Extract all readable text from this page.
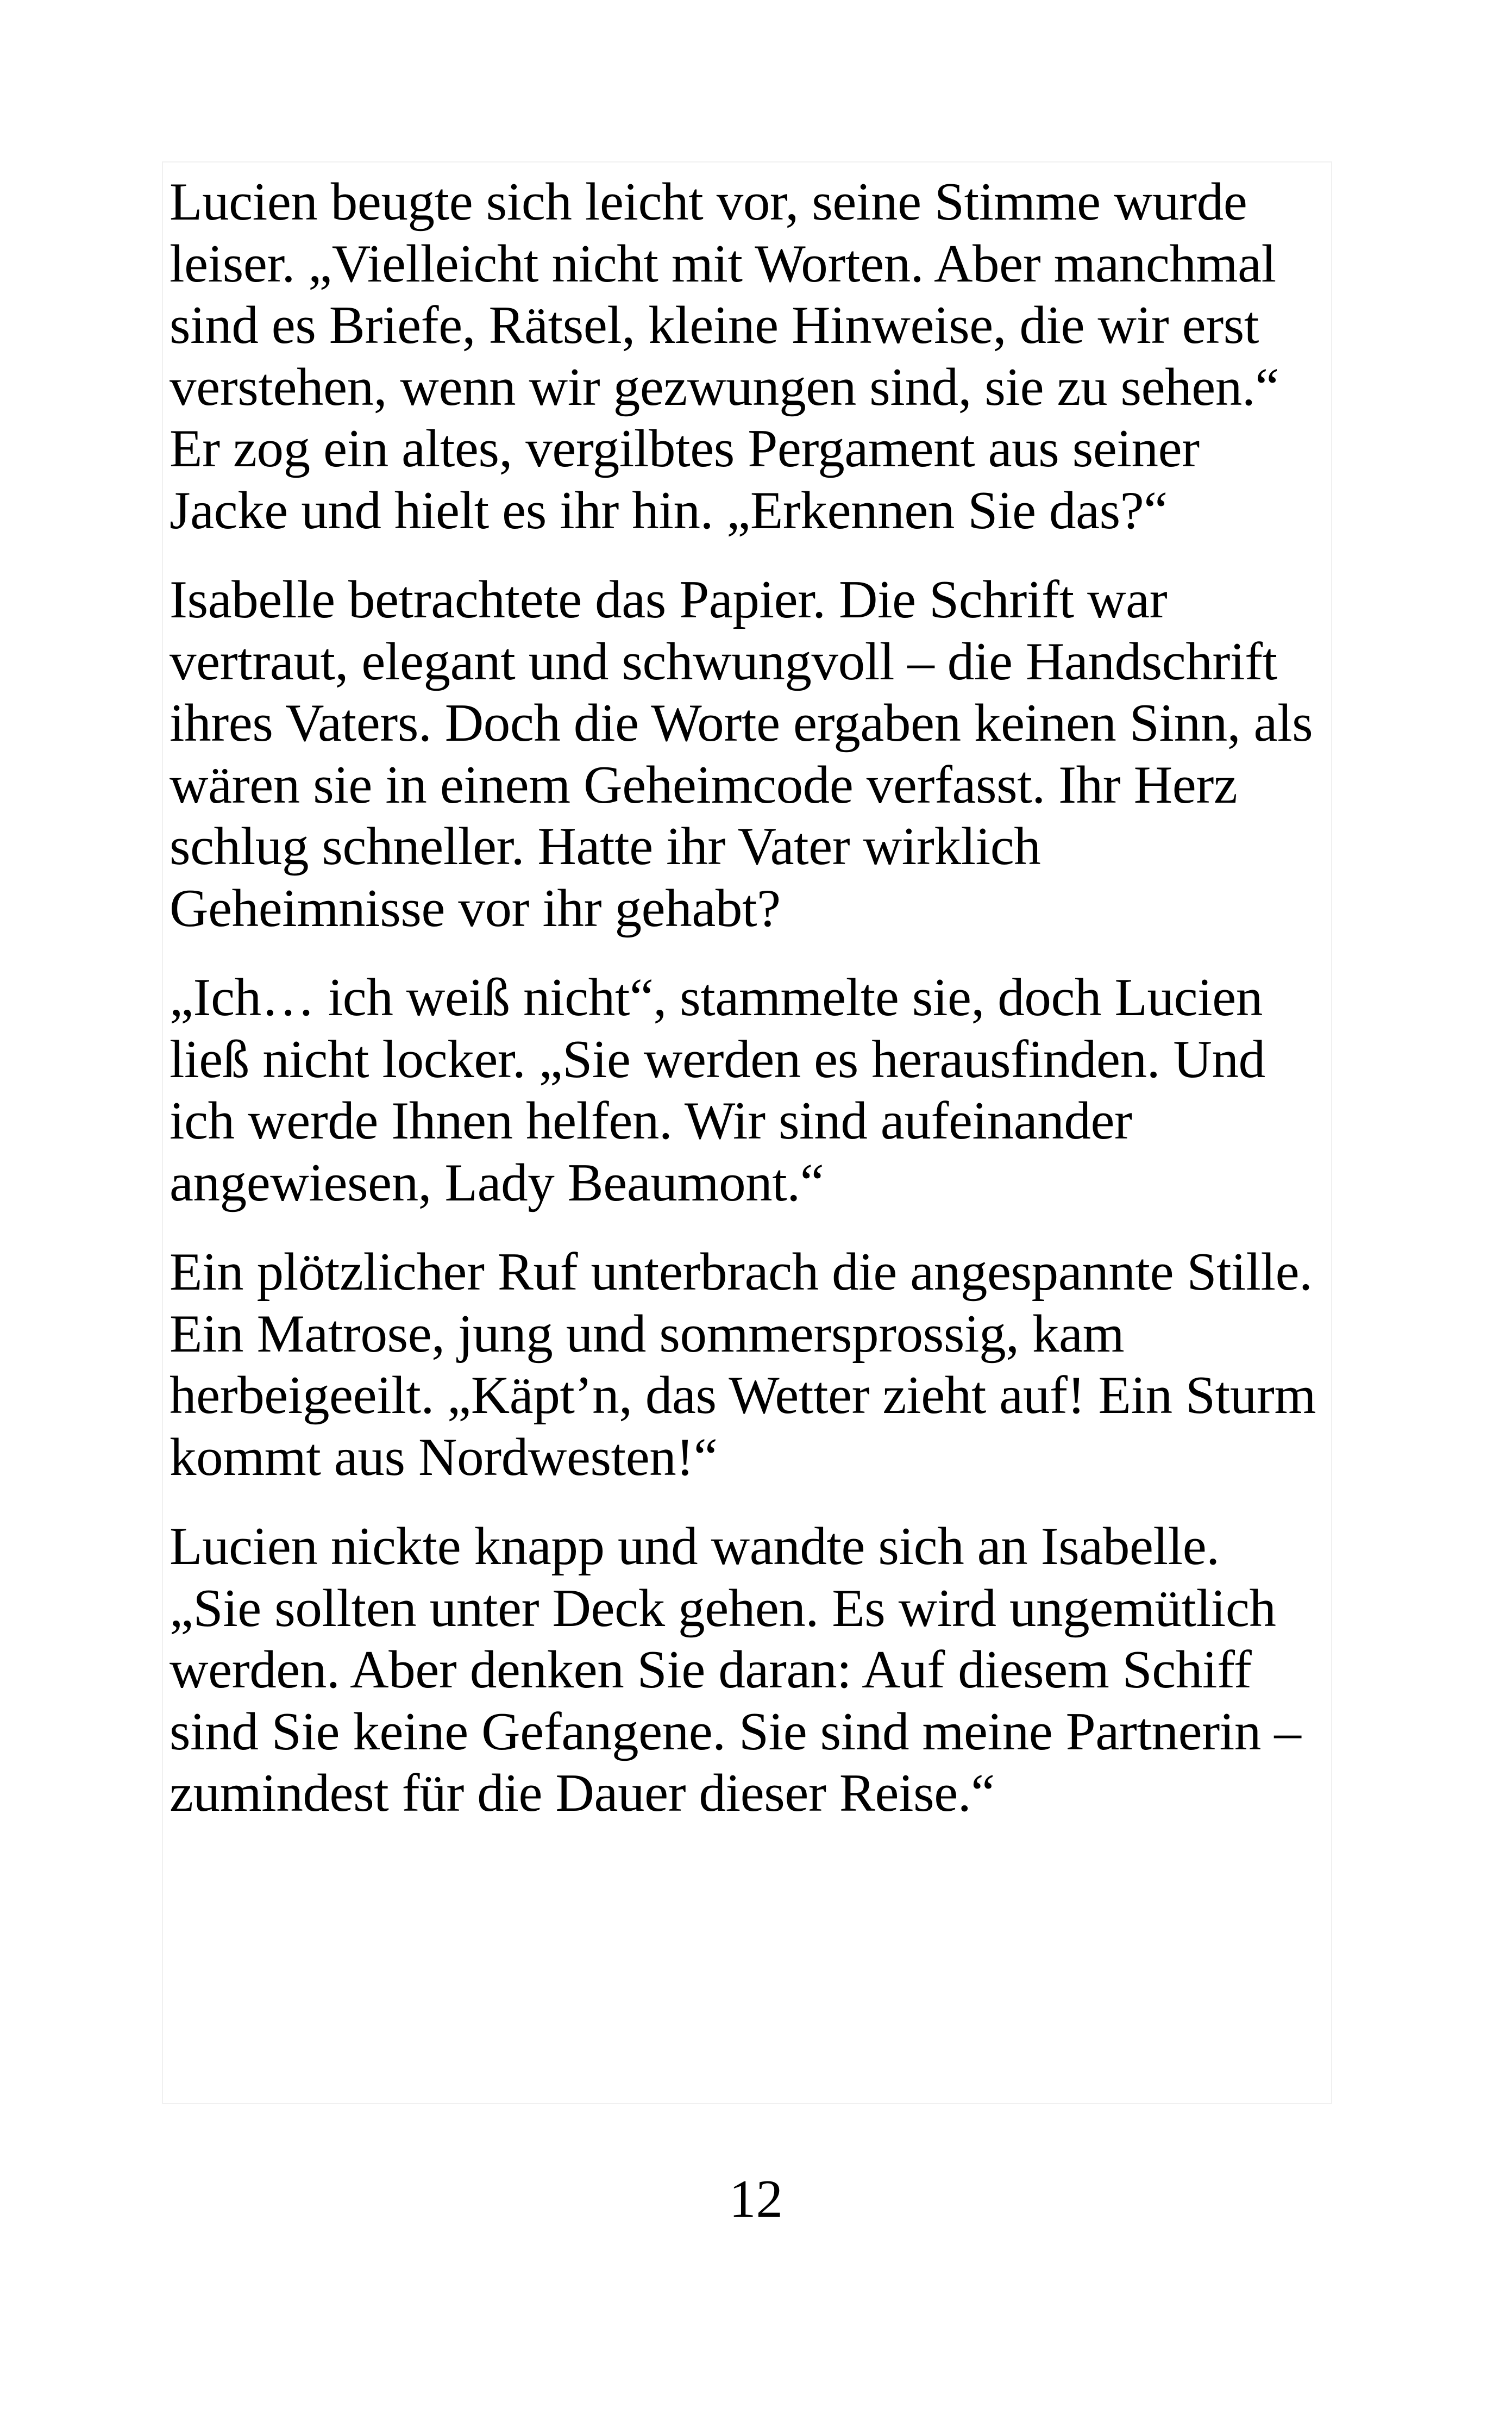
Lucien beugte sich leicht vor, seine Stimme wurde
leiser. „Vielleicht nicht mit Worten. Aber manchmal
sind es Briefe, Rätsel, kleine Hinweise, die wir erst
verstehen, wenn wir gezwungen sind, sie zu sehen.“
Er zog ein altes, vergilbtes Pergament aus seiner
Jacke und hielt es ihr hin. „Erkennen Sie das?“

Isabelle betrachtete das Papier. Die Schrift war
vertraut, elegant und schwungvoll – die Handschrift
ihres Vaters. Doch die Worte ergaben keinen Sinn, als
wären sie in einem Geheimcode verfasst. Ihr Herz
schlug schneller. Hatte ihr Vater wirklich
Geheimnisse vor ihr gehabt?

„Ich… ich weiß nicht“, stammelte sie, doch Lucien
ließ nicht locker. „Sie werden es herausfinden. Und
ich werde Ihnen helfen. Wir sind aufeinander
angewiesen, Lady Beaumont.“

Ein plötzlicher Ruf unterbrach die angespannte Stille.
Ein Matrose, jung und sommersprossig, kam
herbeigeeilt. „Käpt’n, das Wetter zieht auf! Ein Sturm
kommt aus Nordwesten!“

Lucien nickte knapp und wandte sich an Isabelle.
„Sie sollten unter Deck gehen. Es wird ungemütlich
werden. Aber denken Sie daran: Auf diesem Schiff
sind Sie keine Gefangene. Sie sind meine Partnerin –
zumindest für die Dauer dieser Reise.“

12
